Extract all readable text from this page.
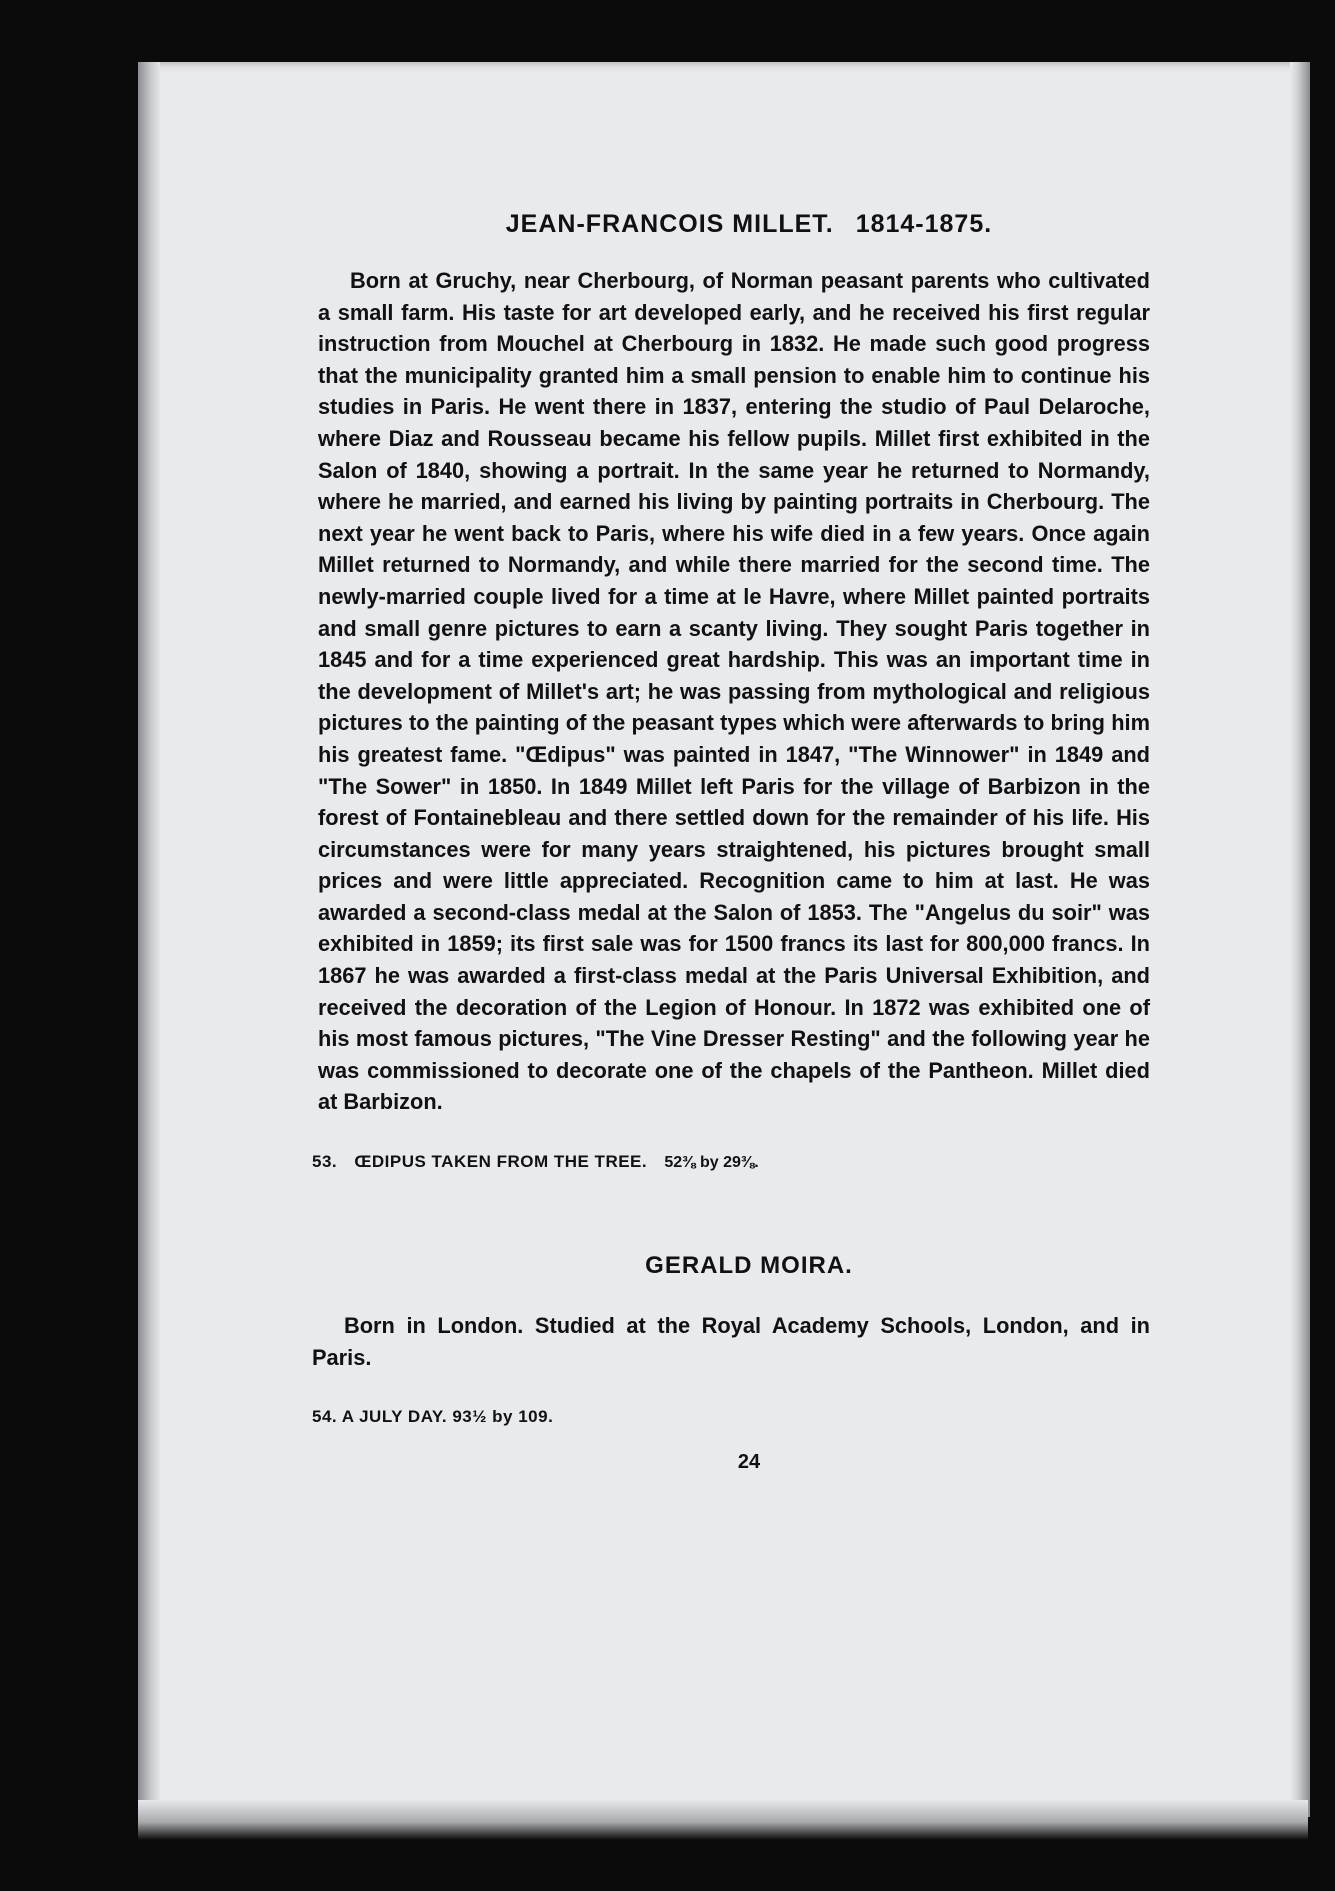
JEAN-FRANCOIS MILLET. 1814-1875.

Born at Gruchy, near Cherbourg, of Norman peasant parents who cultivated a small farm. His taste for art developed early, and he received his first regular instruction from Mouchel at Cherbourg in 1832. He made such good progress that the municipality granted him a small pension to enable him to continue his studies in Paris. He went there in 1837, entering the studio of Paul Delaroche, where Diaz and Rousseau became his fellow pupils. Millet first exhibited in the Salon of 1840, showing a portrait. In the same year he returned to Normandy, where he married, and earned his living by painting portraits in Cherbourg. The next year he went back to Paris, where his wife died in a few years. Once again Millet returned to Normandy, and while there married for the second time. The newly-married couple lived for a time at le Havre, where Millet painted portraits and small genre pictures to earn a scanty living. They sought Paris together in 1845 and for a time experienced great hardship. This was an important time in the development of Millet's art; he was passing from mythological and religious pictures to the painting of the peasant types which were afterwards to bring him his greatest fame. "Œdipus" was painted in 1847, "The Winnower" in 1849 and "The Sower" in 1850. In 1849 Millet left Paris for the village of Barbizon in the forest of Fontainebleau and there settled down for the remainder of his life. His circumstances were for many years straightened, his pictures brought small prices and were little appreciated. Recognition came to him at last. He was awarded a second-class medal at the Salon of 1853. The "Angelus du soir" was exhibited in 1859; its first sale was for 1500 francs its last for 800,000 francs. In 1867 he was awarded a first-class medal at the Paris Universal Exhibition, and received the decoration of the Legion of Honour. In 1872 was exhibited one of his most famous pictures, "The Vine Dresser Resting" and the following year he was commissioned to decorate one of the chapels of the Pantheon. Millet died at Barbizon.

53. ŒDIPUS TAKEN FROM THE TREE. 52⅜ by 29⅜.
GERALD MOIRA.

Born in London. Studied at the Royal Academy Schools, London, and in Paris.

54. A JULY DAY. 93½ by 109.
24
